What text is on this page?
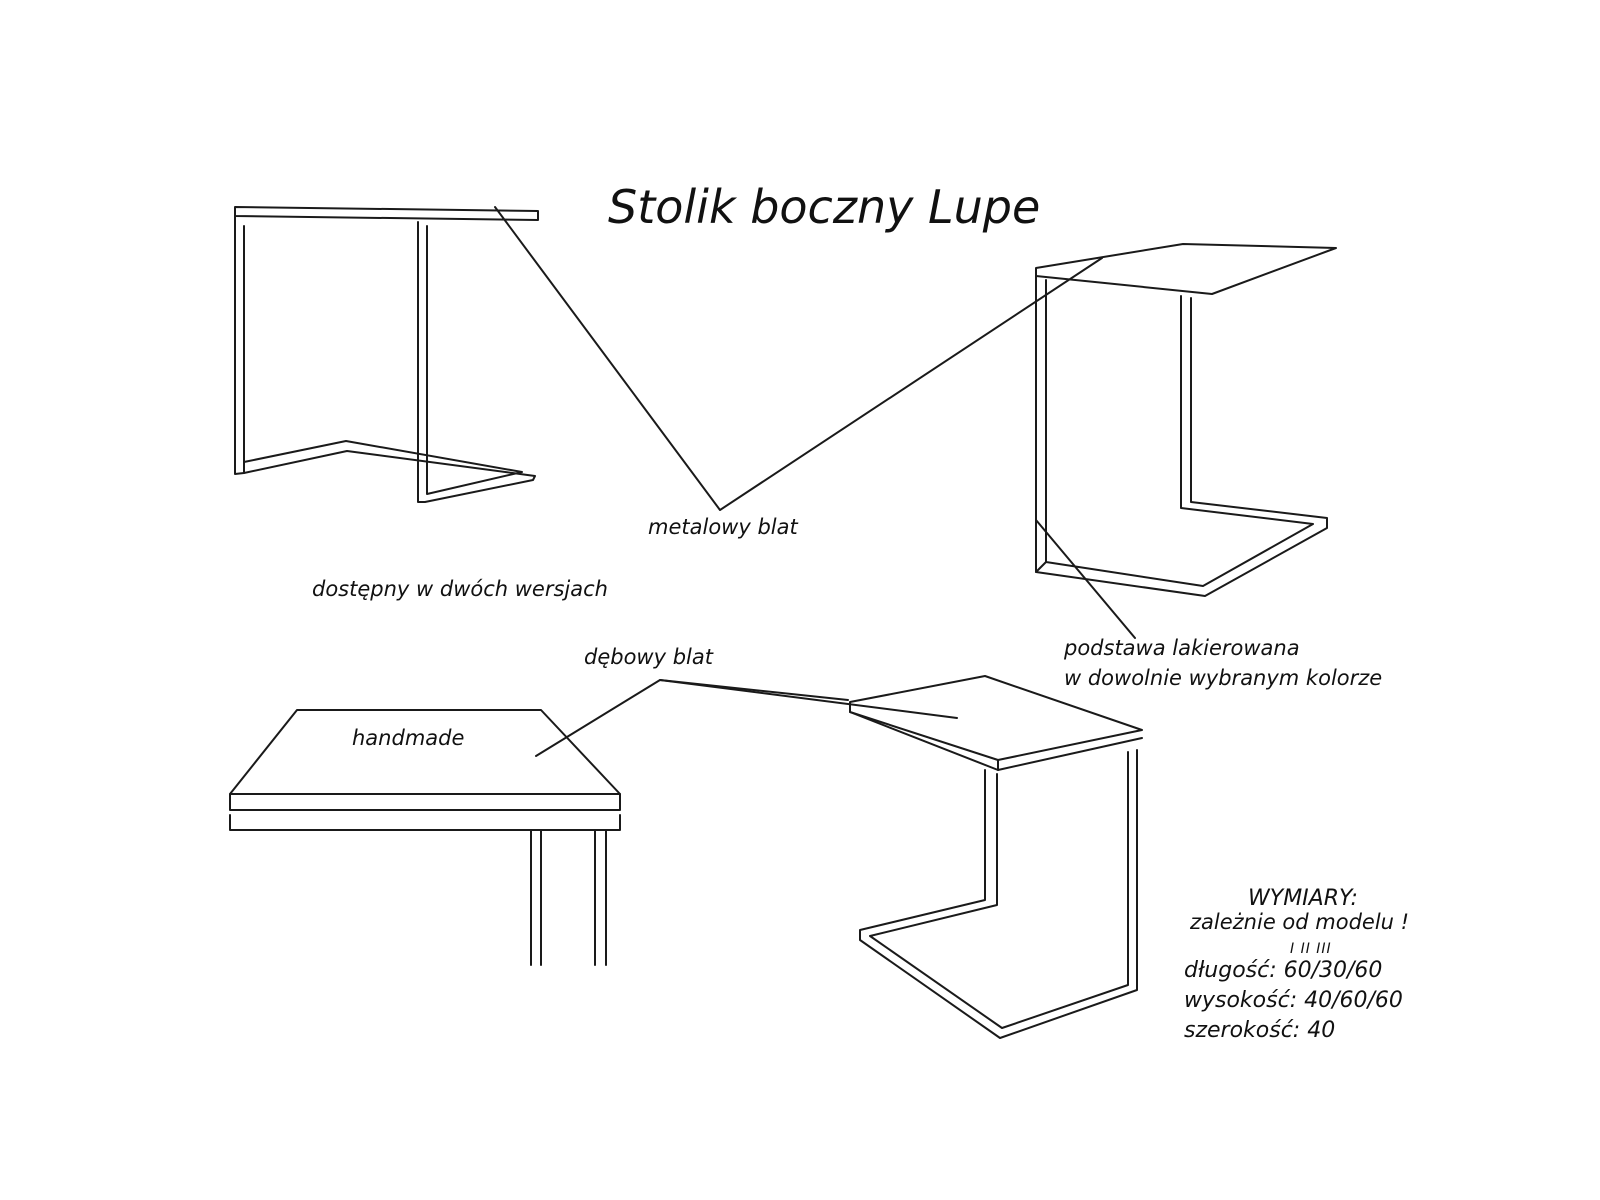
Stolik boczny Lupe
metalowy blat
dostępny w dwóch wersjach
podstawa lakierowana
w dowolnie wybranym kolorze
dębowy blat
handmade
WYMIARY:
zależnie od modelu !
I II III
długość: 60/30/60
wysokość: 40/60/60
szerokość: 40
